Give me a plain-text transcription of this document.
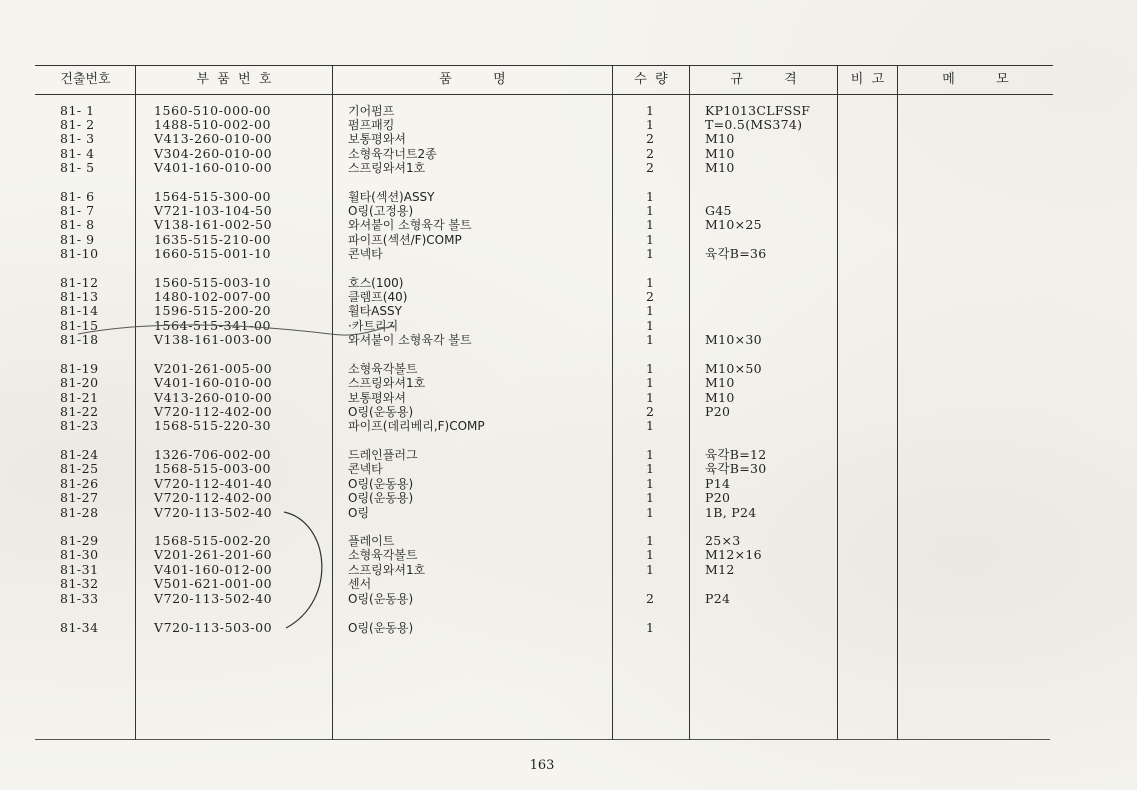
건출번호	부  품  번  호	품          명	수  량	규          격	비  고	메          모
81- 1	1560-510-000-00	기어펌프	1	KP1013CLFSSF
81- 2	1488-510-002-00	펌프패킹	1	T=0.5(MS374)
81- 3	V413-260-010-00	보통평와셔	2	M10
81- 4	V304-260-010-00	소형육각너트2종	2	M10
81- 5	V401-160-010-00	스프링와셔1호	2	M10
81- 6	1564-515-300-00	휠타(섹션)ASSY	1
81- 7	V721-103-104-50	O링(고정용)	1	G45
81- 8	V138-161-002-50	와셔붙이 소형육각 볼트	1	M10×25
81- 9	1635-515-210-00	파이프(섹션/F)COMP	1
81-10	1660-515-001-10	콘넥타	1	육각B=36
81-12	1560-515-003-10	호스(100)	1
81-13	1480-102-007-00	클렘프(40)	2
81-14	1596-515-200-20	휠타ASSY	1
81-15	1564-515-341-00	·카트리지	1
81-18	V138-161-003-00	와셔붙이 소형육각 볼트	1	M10×30
81-19	V201-261-005-00	소형육각볼트	1	M10×50
81-20	V401-160-010-00	스프링와셔1호	1	M10
81-21	V413-260-010-00	보통평와셔	1	M10
81-22	V720-112-402-00	O링(운동용)	2	P20
81-23	1568-515-220-30	파이프(데리베리,F)COMP	1
81-24	1326-706-002-00	드레인플러그	1	육각B=12
81-25	1568-515-003-00	콘넥타	1	육각B=30
81-26	V720-112-401-40	O링(운동용)	1	P14
81-27	V720-112-402-00	O링(운동용)	1	P20
81-28	V720-113-502-40	O링	1	1B, P24
81-29	1568-515-002-20	플레이트	1	25×3
81-30	V201-261-201-60	소형육각볼트	1	M12×16
81-31	V401-160-012-00	스프링와셔1호	1	M12
81-32	V501-621-001-00	센서
81-33	V720-113-502-40	O링(운동용)	2	P24
81-34	V720-113-503-00	O링(운동용)	1
163
